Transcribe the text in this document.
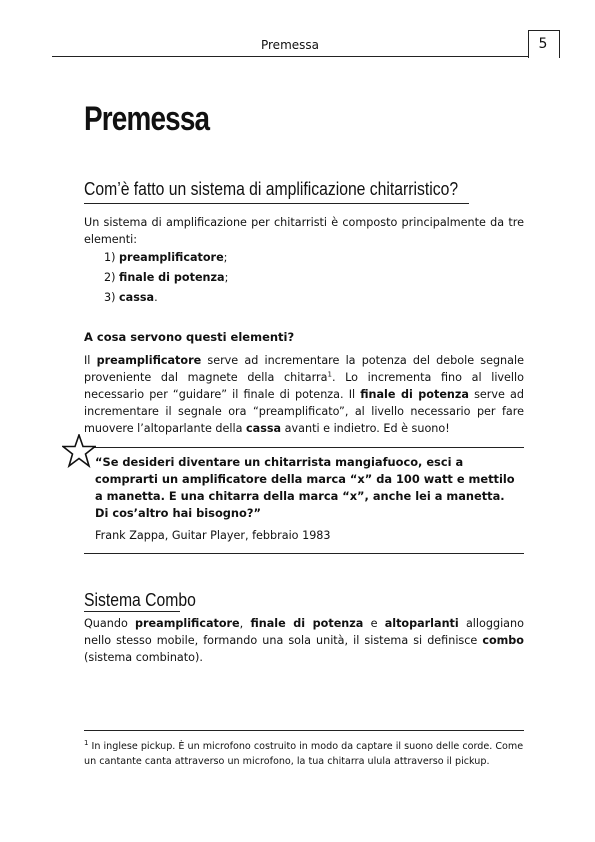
Premessa	5
Premessa
Com’è fatto un sistema di amplificazione chitarristico?
Un sistema di amplificazione per chitarristi è composto principalmente da tre elementi:
1) preamplificatore;
2) finale di potenza;
3) cassa.
A cosa servono questi elementi?
Il preamplificatore serve ad incrementare la potenza del debole segnale proveniente dal magnete della chitarra$^1$. Lo incrementa fino al livello necessario per “guidare” il finale di potenza. Il finale di potenza serve ad incrementare il segnale ora “preamplificato”, al livello necessario per fare muovere l’altoparlante della cassa avanti e indietro. Ed è suono!
“Se desideri diventare un chitarrista mangiafuoco, esci a comprarti un amplificatore della marca “x” da 100 watt e mettilo a manetta. E una chitarra della marca “x”, anche lei a manetta. Di cos’altro hai bisogno?”
Frank Zappa, Guitar Player, febbraio 1983
Sistema Combo
Quando preamplificatore, finale di potenza e altoparlanti alloggiano nello stesso mobile, formando una sola unità, il sistema si definisce combo (sistema combinato).
$^1$ In inglese pickup. È un microfono costruito in modo da captare il suono delle corde. Come un cantante canta attraverso un microfono, la tua chitarra ulula attraverso il pickup.
